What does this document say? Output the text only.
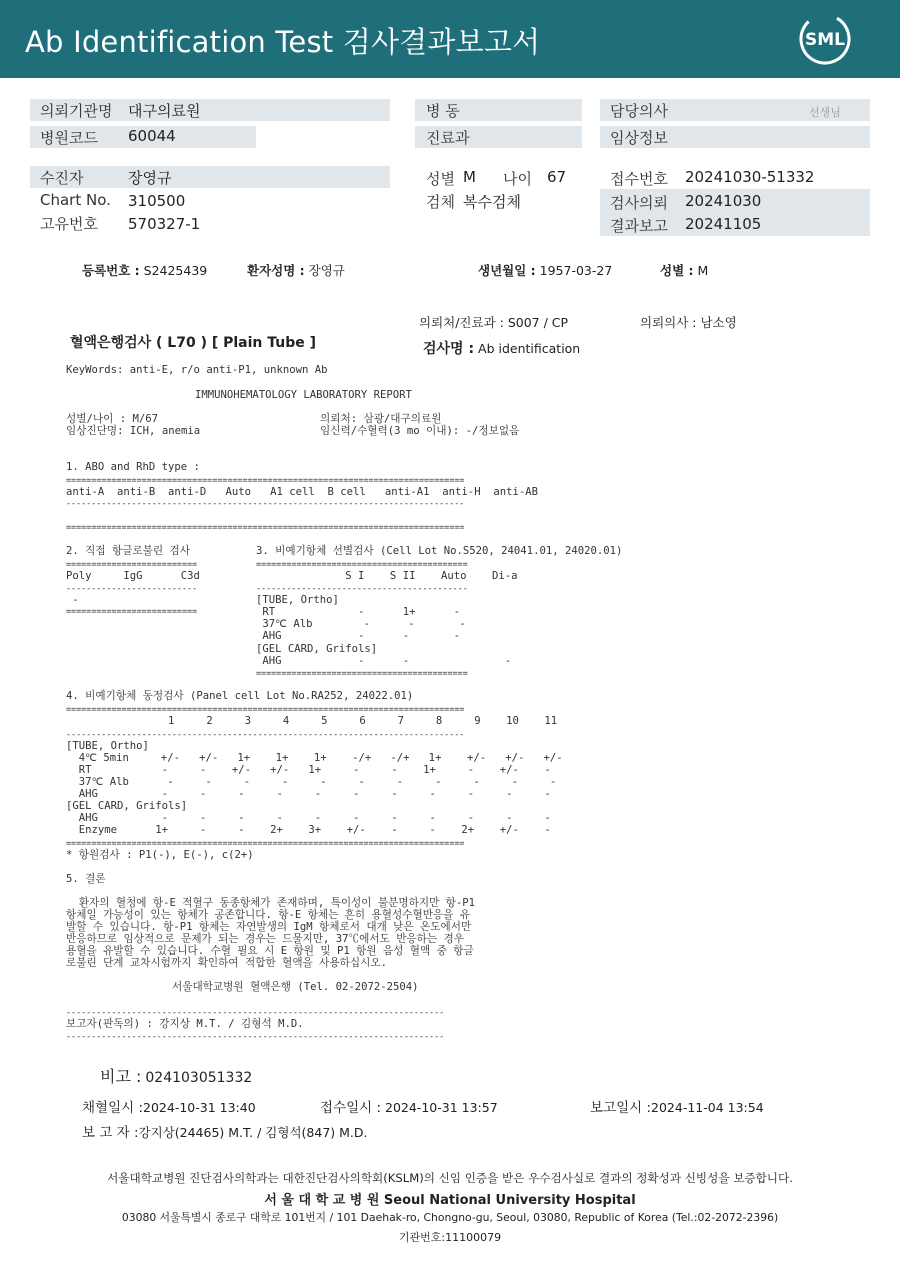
Ab Identification Test 검사결과보고서	SML
의뢰기관명 대구의료원	병 동	담당의사	선생님
병원코드 60044	진료과	임상정보
수진자	장영규	성별 M 나이 67	접수번호 20241030-51332
Chart No. 310500	검체 복수검체	검사의뢰 20241030
고유번호 570327-1	결과보고 20241105
등록번호 : S2425439	환자성명 : 장영규	생년월일 : 1957-03-27	성별 : M
의뢰처/진료과 : S007 / CP	의뢰의사 : 남소영
혈액은행검사 ( L70 ) [ Plain Tube ]	검사명 : Ab identification
KeyWords: anti-E, r/o anti-P1, unknown Ab
IMMUNOHEMATOLOGY LABORATORY REPORT
성별/나이 : M/67	의뢰처: 삼광/대구의료원
임상진단명: ICH, anemia	임신력/수혈력(3 mo 이내): -/정보없음
1. ABO and RhD type :
===============================================================================
anti-A  anti-B  anti-D   Auto   A1 cell  B cell   anti-A1  anti-H  anti-AB
-------------------------------------------------------------------------------
===============================================================================
2. 직접 항글로불린 검사	3. 비예기항체 선별검사 (Cell Lot No.S520, 24041.01, 24020.01)
==========================
Poly     IgG      C3d
--------------------------
-
==========================
==========================================
S I    S II    Auto    Di-a
------------------------------------------
[TUBE, Ortho]
RT             -      1+      -
37℃ Alb        -      -       -
AHG            -      -       -
[GEL CARD, Grifols]
AHG            -      -               -
==========================================
4. 비예기항체 동정검사 (Panel cell Lot No.RA252, 24022.01)
===============================================================================
1     2     3     4     5     6     7     8     9    10    11
-------------------------------------------------------------------------------
[TUBE, Ortho]
4℃ 5min     +/-   +/-   1+    1+    1+    -/+   -/+   1+    +/-   +/-   +/-
RT           -     -    +/-   +/-   1+     -     -    1+     -    +/-    -
37℃ Alb      -     -     -     -     -     -     -     -     -     -     -
AHG          -     -     -     -     -     -     -     -     -     -     -
[GEL CARD, Grifols]
AHG          -     -     -     -     -     -     -     -     -     -     -
Enzyme      1+     -     -    2+    3+    +/-    -     -    2+    +/-    -
===============================================================================
* 항원검사 : P1(-), E(-), c(2+)
5. 결론
환자의 혈청에 항-E 적혈구 동종항체가 존재하며, 특이성이 불분명하지만 항-P1
항체일 가능성이 있는 항체가 공존합니다. 항-E 항체는 흔히 용혈성수혈반응을 유
발할 수 있습니다. 항-P1 항체는 자연발생의 IgM 항체로서 대개 낮은 온도에서만
반응하므로 임상적으로 문제가 되는 경우는 드물지만, 37℃에서도 반응하는 경우
용혈을 유발할 수 있습니다. 수혈 필요 시 E 항원 및 P1 항원 음성 혈액 중 항글
로불린 단계 교차시험까지 확인하여 적합한 혈액을 사용하십시오.
서울대학교병원 혈액은행 (Tel. 02-2072-2504)
---------------------------------------------------------------------------
보고자(판독의) : 강지상 M.T. / 김형석 M.D.
---------------------------------------------------------------------------
비고 : 024103051332
채혈일시 :2024-10-31 13:40	접수일시 : 2024-10-31 13:57	보고일시 :2024-11-04 13:54
보 고 자 :강지상(24465) M.T. / 김형석(847) M.D.
서울대학교병원 진단검사의학과는 대한진단검사의학회(KSLM)의 신임 인증을 받은 우수검사실로 결과의 정확성과 신빙성을 보증합니다.
서 울 대 학 교 병 원 Seoul National University Hospital
03080 서울특별시 종로구 대학로 101번지 / 101 Daehak-ro, Chongno-gu, Seoul, 03080, Republic of Korea (Tel.:02-2072-2396)
기관번호:11100079
